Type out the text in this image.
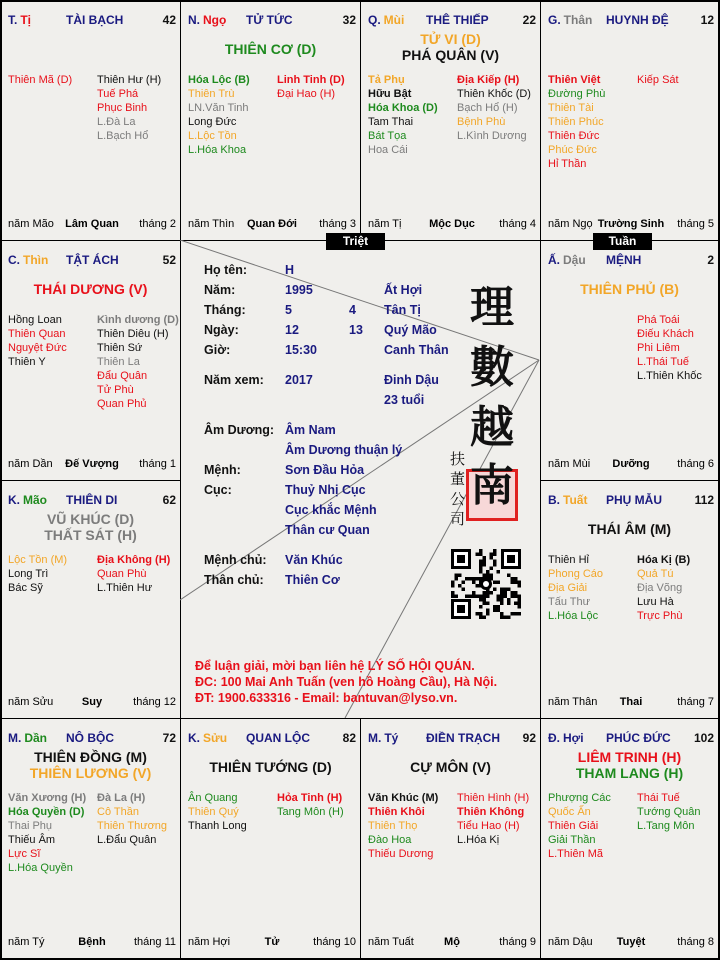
T. Tị	TÀI BẠCH	42
Thiên Mã (D) Thiên Hư (H)
Tuế Phá
Phục Binh
L.Đà La
L.Bạch Hổ
năm Mão	Lâm Quan	tháng 2
N. Ngọ TỬ TỨC	32
THIÊN CƠ (D)
Hóa Lộc (B)
Thiên Trù
LN.Văn Tinh
Long Đức
L.Lộc Tồn
L.Hóa Khoa
Linh Tinh (D)
Đại Hao (H)
năm Thìn	Quan Đới	tháng 3
Q. Mùi THÊ THIẾP	22
TỬ VI (D)
PHÁ QUÂN (V)
Tả Phụ
Hữu Bật
Hóa Khoa (D)
Tam Thai
Bát Tọa
Hoa Cái
Địa Kiếp (H)
Thiên Khốc (D)
Bạch Hổ (H)
Bệnh Phù
L.Kình Dương
năm Tị	Mộc Dục	tháng 4
G. Thân HUYNH ĐỆ	12
Thiên Việt
Đường Phù
Thiên Tài
Thiên Phúc
Thiên Đức
Phúc Đức
Hỉ Thần
Kiếp Sát
năm Ngọ Trường Sinh	tháng 5
C. Thìn TẬT ÁCH	52
THÁI DƯƠNG (V)
Hồng Loan
Thiên Quan
Nguyệt Đức
Thiên Y
Kình dương (D)
Thiên Diêu (H)
Thiên Sứ
Thiên La
Đẩu Quân
Tử Phù
Quan Phủ
năm Dần	Đế Vượng	tháng 1
Ấ. Dậu MỆNH	2
THIÊN PHỦ (B)
Phá Toái
Điếu Khách
Phi Liêm
L.Thái Tuế
L.Thiên Khốc
năm Mùi	Dưỡng	tháng 6
K. Mão THIÊN DI	62
VŨ KHÚC (D)
THẤT SÁT (H)
Lộc Tồn (M)
Long Trì
Bác Sỹ
Địa Không (H)
Quan Phù
L.Thiên Hư
năm Sửu	Suy	tháng 12
B. Tuất PHỤ MẪU	112
THÁI ÂM (M)
Thiên Hỉ
Phong Cáo
Địa Giải
Tấu Thư
L.Hóa Lộc
Hóa Kị (B)
Quả Tú
Địa Võng
Lưu Hà
Trực Phù
năm Thân	Thai	tháng 7
M. Dần NÔ BỘC	72
THIÊN ĐỒNG (M)
THIÊN LƯƠNG (V)
Văn Xương (H)
Hóa Quyền (D)
Thai Phụ
Thiếu Âm
Lực Sĩ
L.Hóa Quyền
Đà La (H)
Cô Thần
Thiên Thương
L.Đẩu Quân
năm Tý	Bệnh	tháng 11
K. Sửu QUAN LỘC	82
THIÊN TƯỚNG (D)
Ân Quang
Thiên Quý
Thanh Long
Hỏa Tinh (H)
Tang Môn (H)
năm Hợi	Tử	tháng 10
M. Tý ĐIỀN TRẠCH 92
CỰ MÔN (V)
Văn Khúc (M)
Thiên Khôi
Thiên Thọ
Đào Hoa
Thiếu Dương
Thiên Hình (H)
Thiên Không
Tiểu Hao (H)
L.Hóa Kị
năm Tuất	Mộ	tháng 9
Đ. Hợi PHÚC ĐỨC 102
LIÊM TRINH (H)
THAM LANG (H)
Phượng Các
Quốc Ấn
Thiên Giải
Giải Thần
L.Thiên Mã
Thái Tuế
Tướng Quân
L.Tang Môn
năm Dậu	Tuyệt	tháng 8
Họ tên:	H
Năm:	1995	Ất Hợi
Tháng:	5	4 Tân Tị
Ngày:	12	13 Quý Mão
Giờ:	15:30	Canh Thân
Năm xem: 2017	Đinh Dậu
23 tuổi
Âm Dương: Âm Nam
Âm Dương thuận lý
Mệnh:	Sơn Đầu Hỏa
Cục:	Thuỷ Nhị Cục
Cục khắc Mệnh
Thân cư Quan
Mệnh chủ: Văn Khúc
Thân chủ: Thiên Cơ
理
數
越
南
扶
董
公
司
Để luận giải, mời bạn liên hệ LÝ SỐ HỘI QUÁN.
ĐC: 100 Mai Anh Tuấn (ven hồ Hoàng Cầu), Hà Nội.
ĐT: 1900.633316 - Email: bantuvan@lyso.vn.
Triệt	Tuần
